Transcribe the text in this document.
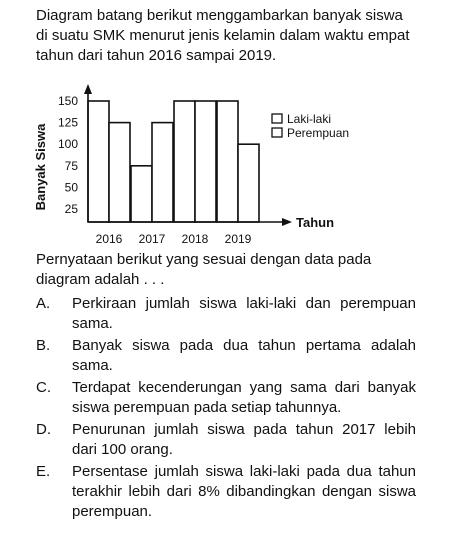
Diagram batang berikut menggambarkan banyak siswa di suatu SMK menurut jenis kelamin dalam waktu empat tahun dari tahun 2016 sampai 2019.

Banyak Siswa 25
50
75
100
125
150
2016 2017 2018 2019
Tahun
Laki-laki
Perempuan

Pernyataan berikut yang sesuai dengan data pada diagram adalah . . .

A.	Perkiraan jumlah siswa laki-laki dan perempuan sama.
B.	Banyak siswa pada dua tahun pertama adalah sama.
C.	Terdapat kecenderungan yang sama dari banyak siswa perempuan pada setiap tahunnya.
D.	Penurunan jumlah siswa pada tahun 2017 lebih dari 100 orang.
E.	Persentase jumlah siswa laki-laki pada dua tahun terakhir lebih dari 8% dibandingkan dengan siswa perempuan.
